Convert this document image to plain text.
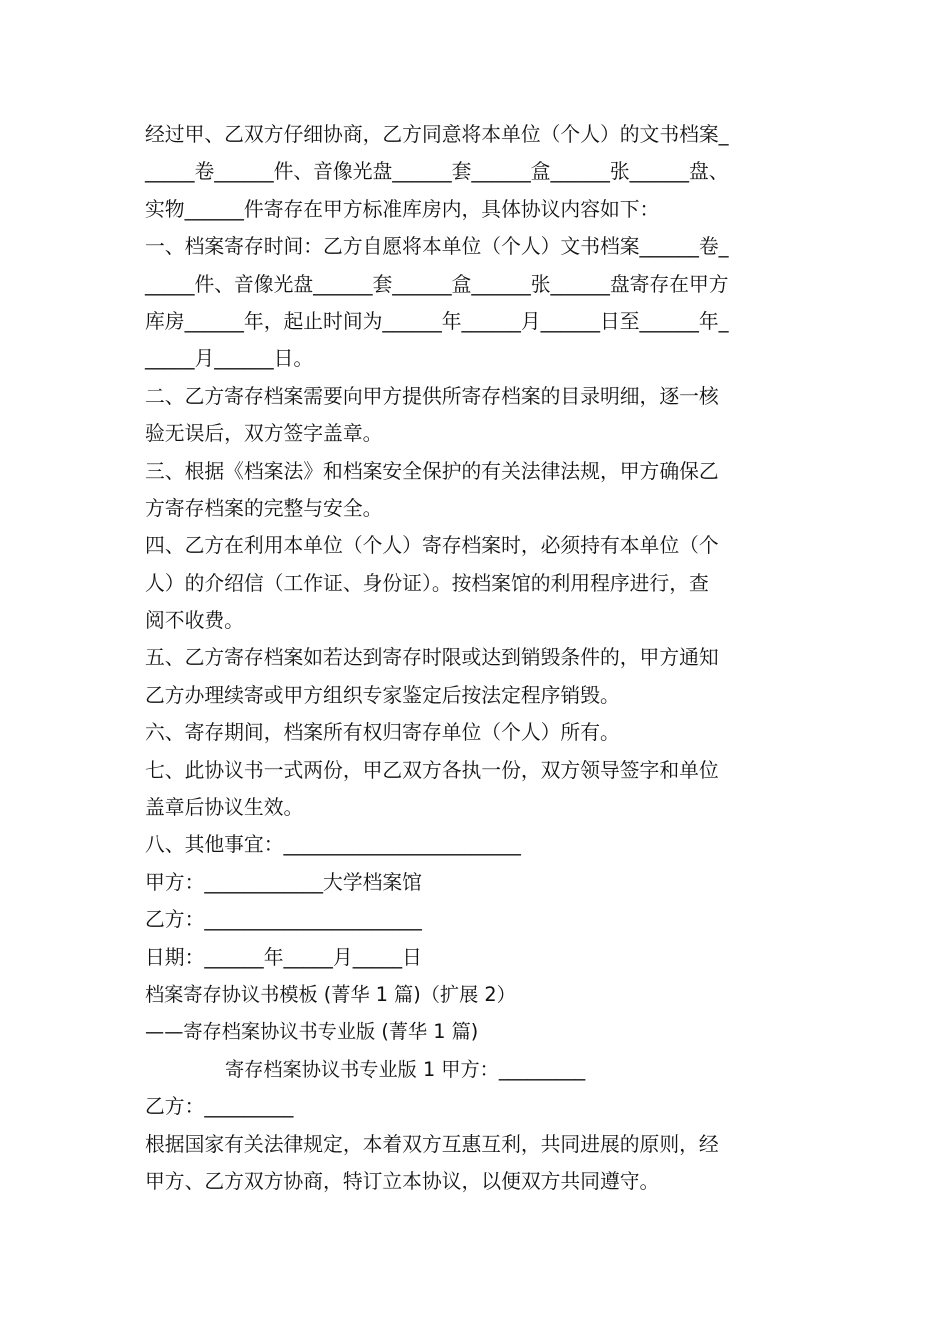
经过甲、乙双方仔细协商，乙方同意将本单位（个人）的文书档案_
_____卷______件、音像光盘______套______盒______张______盘、
实物______件寄存在甲方标准库房内，具体协议内容如下：
一、档案寄存时间：乙方自愿将本单位（个人）文书档案______卷_
_____件、音像光盘______套______盒______张______盘寄存在甲方
库房______年，起止时间为______年______月______日至______年_
_____月______日。
二、乙方寄存档案需要向甲方提供所寄存档案的目录明细，逐一核
验无误后，双方签字盖章。
三、根据《档案法》和档案安全保护的有关法律法规，甲方确保乙
方寄存档案的完整与安全。
四、乙方在利用本单位（个人）寄存档案时，必须持有本单位（个
人）的介绍信（工作证、身份证）。按档案馆的利用程序进行，查
阅不收费。
五、乙方寄存档案如若达到寄存时限或达到销毁条件的，甲方通知
乙方办理续寄或甲方组织专家鉴定后按法定程序销毁。
六、寄存期间，档案所有权归寄存单位（个人）所有。
七、此协议书一式两份，甲乙双方各执一份，双方领导签字和单位
盖章后协议生效。
八、其他事宜：________________________
甲方：____________大学档案馆
乙方：______________________
日期：______年_____月_____日
档案寄存协议书模板 (菁华 1 篇)（扩展 2）
——寄存档案协议书专业版 (菁华 1 篇)
寄存档案协议书专业版 1 甲方：_________
乙方：_________
根据国家有关法律规定，本着双方互惠互利，共同进展的原则，经
甲方、乙方双方协商，特订立本协议，以便双方共同遵守。
